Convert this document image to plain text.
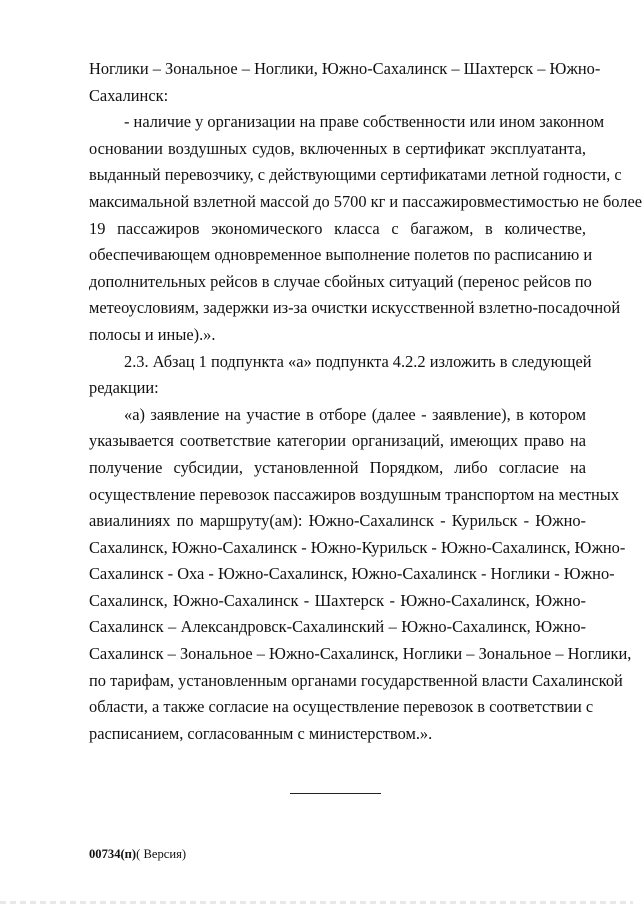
Ноглики – Зональное – Ноглики, Южно-Сахалинск – Шахтерск – Южно-
Сахалинск:
- наличие у организации на праве собственности или ином законном
основании воздушных судов, включенных в сертификат эксплуатанта,
выданный перевозчику, с действующими сертификатами летной годности, с
максимальной взлетной массой до 5700 кг и пассажировместимостью не более
19 пассажиров экономического класса с багажом, в количестве,
обеспечивающем одновременное выполнение полетов по расписанию и
дополнительных рейсов в случае сбойных ситуаций (перенос рейсов по
метеоусловиям, задержки из-за очистки искусственной взлетно-посадочной
полосы и иные).».
2.3. Абзац 1 подпункта «а» подпункта 4.2.2 изложить в следующей
редакции:
«а) заявление на участие в отборе (далее - заявление), в котором
указывается соответствие категории организаций, имеющих право на
получение субсидии, установленной Порядком, либо согласие на
осуществление перевозок пассажиров воздушным транспортом на местных
авиалиниях по маршруту(ам): Южно-Сахалинск - Курильск - Южно-
Сахалинск, Южно-Сахалинск - Южно-Курильск - Южно-Сахалинск, Южно-
Сахалинск - Оха - Южно-Сахалинск, Южно-Сахалинск - Ноглики - Южно-
Сахалинск, Южно-Сахалинск - Шахтерск - Южно-Сахалинск, Южно-
Сахалинск – Александровск-Сахалинский – Южно-Сахалинск, Южно-
Сахалинск – Зональное – Южно-Сахалинск, Ноглики – Зональное – Ноглики,
по тарифам, установленным органами государственной власти Сахалинской
области, а также согласие на осуществление перевозок в соответствии с
расписанием, согласованным с министерством.».
00734(п)( Версия)
